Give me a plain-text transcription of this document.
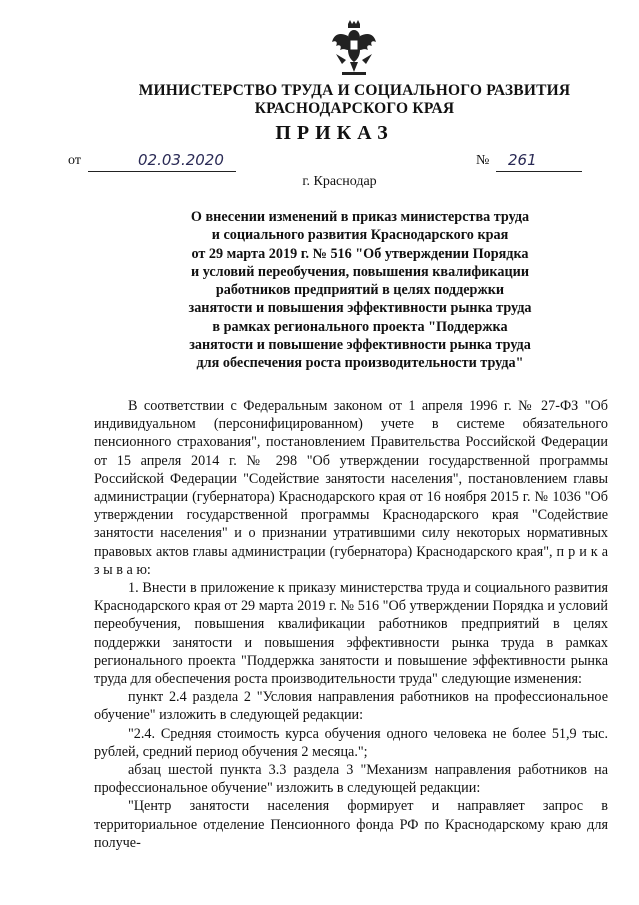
МИНИСТЕРСТВО ТРУДА И СОЦИАЛЬНОГО РАЗВИТИЯ
КРАСНОДАРСКОГО КРАЯ
ПРИКАЗ
от	02.03.2020	№ 261
г. Краснодар
О внесении изменений в приказ министерства труда
и социального развития Краснодарского края
от 29 марта 2019 г. № 516 "Об утверждении Порядка
и условий переобучения, повышения квалификации
работников предприятий в целях поддержки
занятости и повышения эффективности рынка труда
в рамках регионального проекта "Поддержка
занятости и повышение эффективности рынка труда
для обеспечения роста производительности труда"

В соответствии с Федеральным законом от 1 апреля 1996 г. № 27-ФЗ "Об индивидуальном (персонифицированном) учете в системе обязательного пенсионного страхования", постановлением Правительства Российской Федерации от 15 апреля 2014 г. № 298 "Об утверждении государственной программы Российской Федерации "Содействие занятости населения", постановлением главы администрации (губернатора) Краснодарского края от 16 ноября 2015 г. № 1036 "Об утверждении государственной программы Краснодарского края "Содействие занятости населения" и о признании утратившими силу некоторых нормативных правовых актов главы администрации (губернатора) Краснодарского края", п р и к а з ы в а ю:

1. Внести в приложение к приказу министерства труда и социального развития Краснодарского края от 29 марта 2019 г. № 516 "Об утверждении Порядка и условий переобучения, повышения квалификации работников предприятий в целях поддержки занятости и повышения эффективности рынка труда в рамках регионального проекта "Поддержка занятости и повышение эффективности рынка труда для обеспечения роста производительности труда" следующие изменения:

пункт 2.4 раздела 2 "Условия направления работников на профессиональное обучение" изложить в следующей редакции:

"2.4. Средняя стоимость курса обучения одного человека не более 51,9 тыс. рублей, средний период обучения 2 месяца.";

абзац шестой пункта 3.3 раздела 3 "Механизм направления работников на профессиональное обучение" изложить в следующей редакции:

"Центр занятости населения формирует и направляет запрос в территориальное отделение Пенсионного фонда РФ по Краснодарскому краю для получе-
